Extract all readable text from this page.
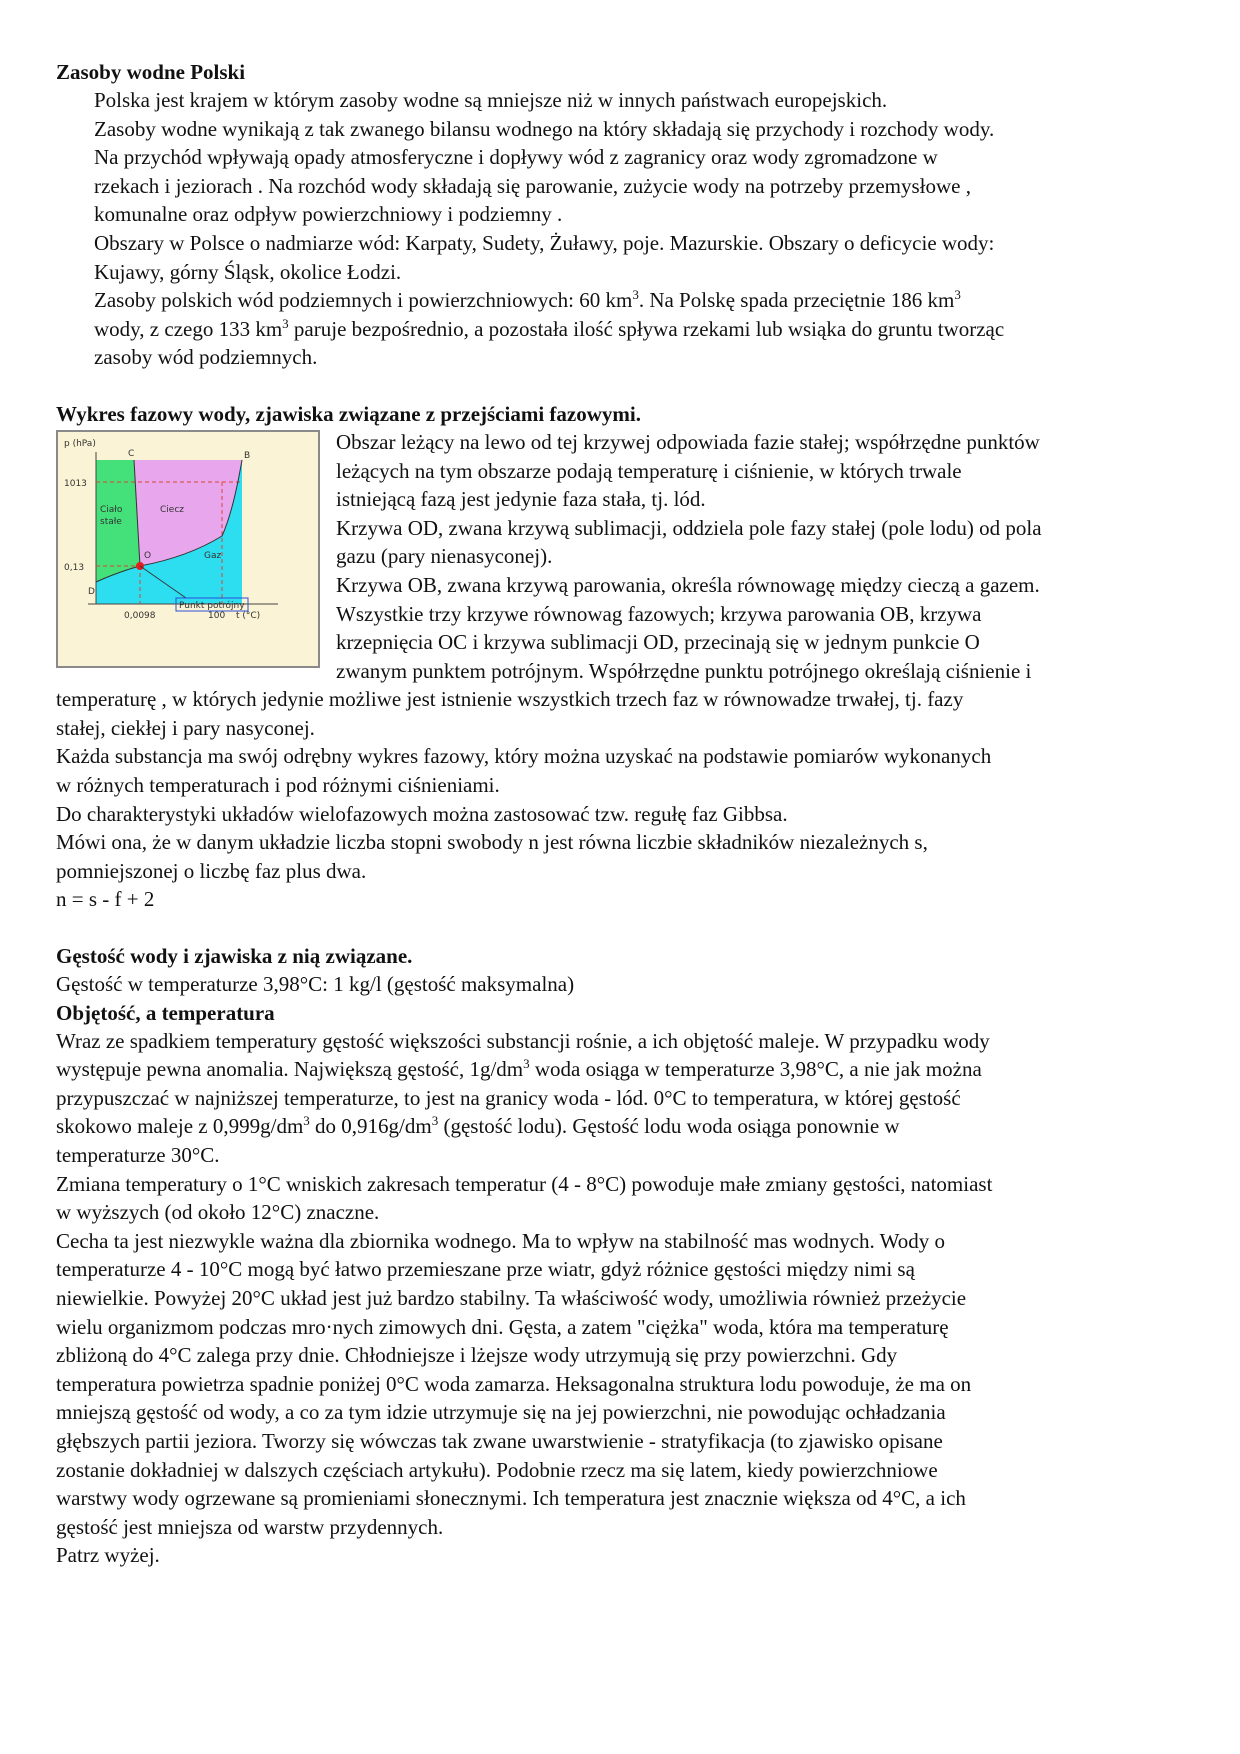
Zasoby wodne Polski
Polska jest krajem w którym zasoby wodne są mniejsze niż w innych państwach europejskich.
Zasoby wodne wynikają z tak zwanego bilansu wodnego na który składają się przychody i rozchody wody.
Na przychód wpływają opady atmosferyczne i dopływy wód z zagranicy oraz wody zgromadzone w
rzekach i jeziorach . Na rozchód wody składają się parowanie, zużycie wody na potrzeby przemysłowe ,
komunalne oraz odpływ powierzchniowy i podziemny .
Obszary w Polsce o nadmiarze wód: Karpaty, Sudety, Żuławy, poje. Mazurskie. Obszary o deficycie wody:
Kujawy, górny Śląsk, okolice Łodzi.
Zasoby polskich wód podziemnych i powierzchniowych: 60 $km^3$. Na Polskę spada przeciętnie 186 $km^3$
wody, z czego 133 $km^3$ paruje bezpośrednio, a pozostała ilość spływa rzekami lub wsiąka do gruntu tworząc
zasoby wód podziemnych.
Wykres fazowy wody, zjawiska związane z przejściami fazowymi.
p (hPa)
1013
0,13
0,0098	100 t (°C)
Ciało
stałe
Ciecz
Gaz
C	B
O
D
Punkt potrójny
Obszar leżący na lewo od tej krzywej odpowiada fazie stałej; współrzędne punktów
leżących na tym obszarze podają temperaturę i ciśnienie, w których trwale
istniejącą fazą jest jedynie faza stała, tj. lód.
Krzywa OD, zwana krzywą sublimacji, oddziela pole fazy stałej (pole lodu) od pola
gazu (pary nienasyconej).
Krzywa OB, zwana krzywą parowania, określa równowagę między cieczą a gazem.
Wszystkie trzy krzywe równowag fazowych; krzywa parowania OB, krzywa
krzepnięcia OC i krzywa sublimacji OD, przecinają się w jednym punkcie O
zwanym punktem potrójnym. Współrzędne punktu potrójnego określają ciśnienie i
temperaturę , w których jedynie możliwe jest istnienie wszystkich trzech faz w równowadze trwałej, tj. fazy
stałej, ciekłej i pary nasyconej.
Każda substancja ma swój odrębny wykres fazowy, który można uzyskać na podstawie pomiarów wykonanych
w różnych temperaturach i pod różnymi ciśnieniami.
Do charakterystyki układów wielofazowych można zastosować tzw. regułę faz Gibbsa.
Mówi ona, że w danym układzie liczba stopni swobody n jest równa liczbie składników niezależnych s,
pomniejszonej o liczbę faz plus dwa.
n = s - f + 2
Gęstość wody i zjawiska z nią związane.
Gęstość w temperaturze 3,98°C: 1 kg/l (gęstość maksymalna)
Objętość, a temperatura
Wraz ze spadkiem temperatury gęstość większości substancji rośnie, a ich objętość maleje. W przypadku wody
występuje pewna anomalia. Największą gęstość, $1g/dm^3$ woda osiąga w temperaturze 3,98°C, a nie jak można
przypuszczać w najniższej temperaturze, to jest na granicy woda - lód. 0°C to temperatura, w której gęstość
skokowo maleje z $0,999g/dm^3$ do $0,916g/dm^3$ (gęstość lodu). Gęstość lodu woda osiąga ponownie w
temperaturze 30°C.
Zmiana temperatury o 1°C wniskich zakresach temperatur (4 - 8°C) powoduje małe zmiany gęstości, natomiast
w wyższych (od około 12°C) znaczne.
Cecha ta jest niezwykle ważna dla zbiornika wodnego. Ma to wpływ na stabilność mas wodnych. Wody o
temperaturze 4 - 10°C mogą być łatwo przemieszane prze wiatr, gdyż różnice gęstości między nimi są
niewielkie. Powyżej 20°C układ jest już bardzo stabilny. Ta właściwość wody, umożliwia również przeżycie
wielu organizmom podczas mro·nych zimowych dni. Gęsta, a zatem "ciężka" woda, która ma temperaturę
zbliżoną do 4°C zalega przy dnie. Chłodniejsze i lżejsze wody utrzymują się przy powierzchni. Gdy
temperatura powietrza spadnie poniżej 0°C woda zamarza. Heksagonalna struktura lodu powoduje, że ma on
mniejszą gęstość od wody, a co za tym idzie utrzymuje się na jej powierzchni, nie powodując ochładzania
głębszych partii jeziora. Tworzy się wówczas tak zwane uwarstwienie - stratyfikacja (to zjawisko opisane
zostanie dokładniej w dalszych częściach artykułu). Podobnie rzecz ma się latem, kiedy powierzchniowe
warstwy wody ogrzewane są promieniami słonecznymi. Ich temperatura jest znacznie większa od 4°C, a ich
gęstość jest mniejsza od warstw przydennych.
Patrz wyżej.
